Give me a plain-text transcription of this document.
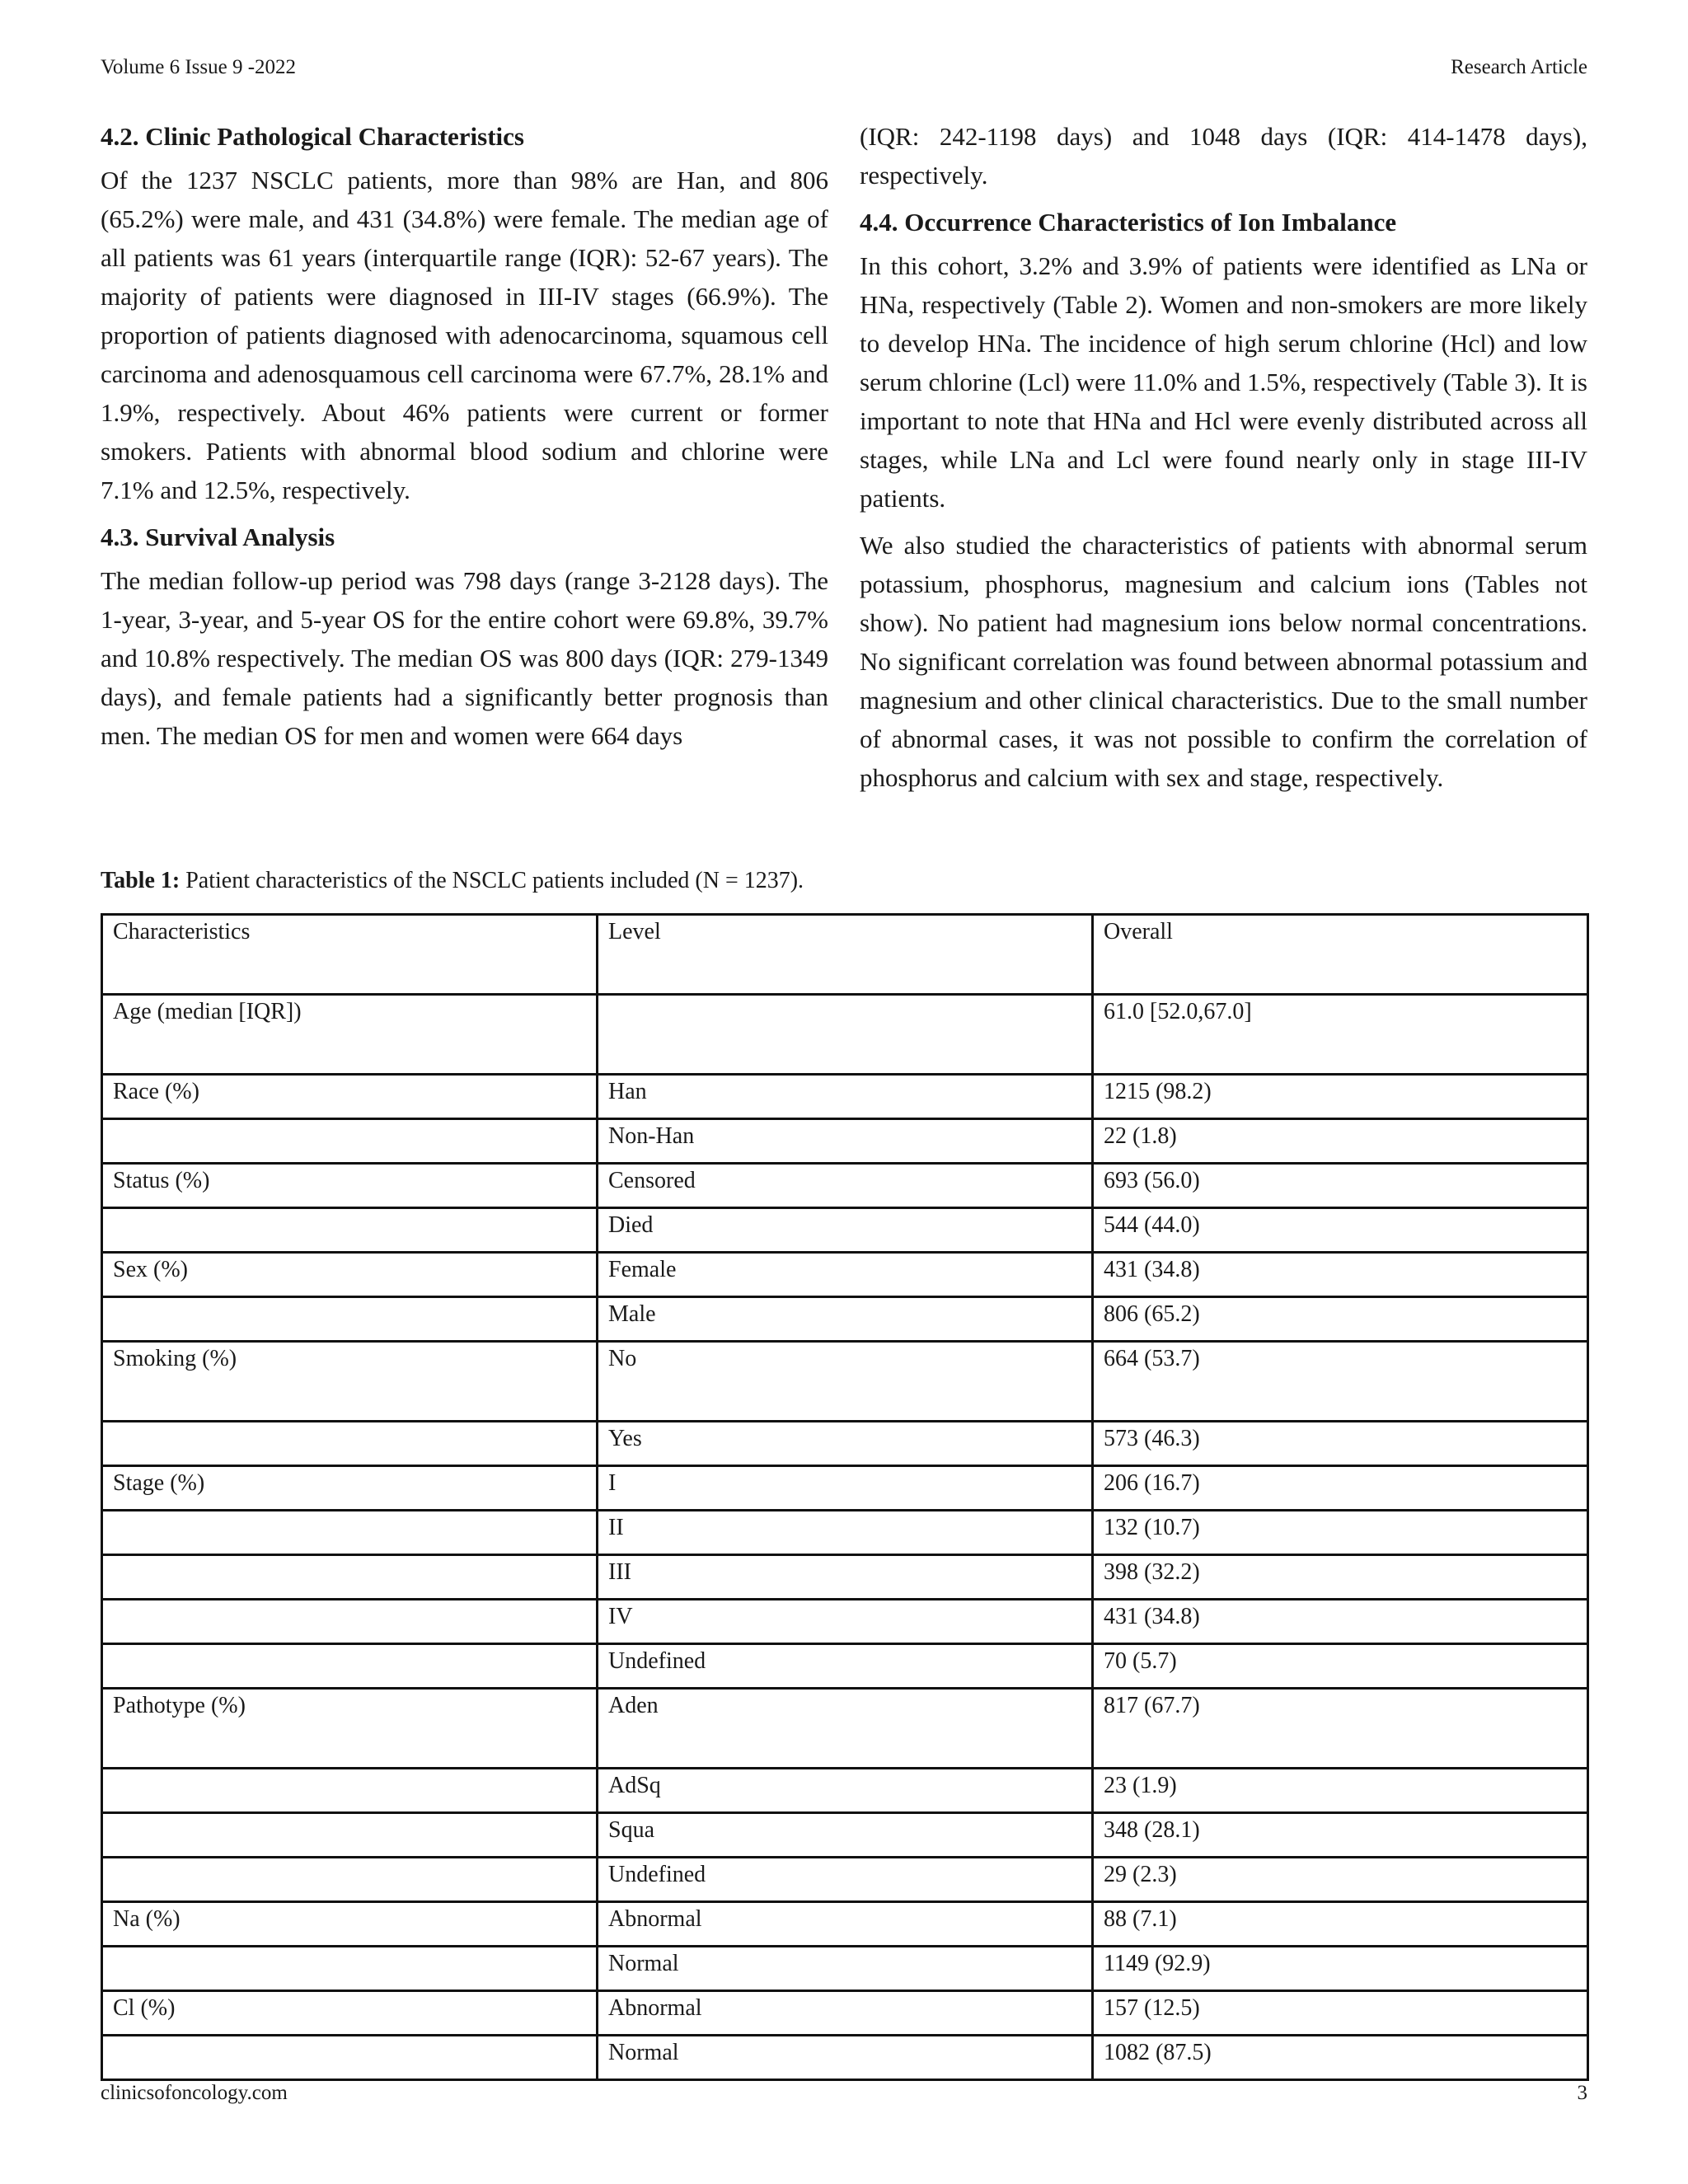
Volume 6 Issue 9 -2022	Research Article
4.2. Clinic Pathological Characteristics

Of the 1237 NSCLC patients, more than 98% are Han, and 806 (65.2%) were male, and 431 (34.8%) were female. The median age of all patients was 61 years (interquartile range (IQR): 52-67 years). The majority of patients were diagnosed in III-IV stages (66.9%). The proportion of patients diagnosed with adenocarcinoma, squamous cell carcinoma and adenosquamous cell carcinoma were 67.7%, 28.1% and 1.9%, respectively. About 46% patients were current or former smokers. Patients with abnormal blood sodium and chlorine were 7.1% and 12.5%, respectively.

4.3. Survival Analysis

The median follow-up period was 798 days (range 3-2128 days). The 1-year, 3-year, and 5-year OS for the entire cohort were 69.8%, 39.7% and 10.8% respectively. The median OS was 800 days (IQR: 279-1349 days), and female patients had a significantly better prognosis than men. The median OS for men and women were 664 days

(IQR: 242-1198 days) and 1048 days (IQR: 414-1478 days), respectively.

4.4. Occurrence Characteristics of Ion Imbalance

In this cohort, 3.2% and 3.9% of patients were identified as LNa or HNa, respectively (Table 2). Women and non-smokers are more likely to develop HNa. The incidence of high serum chlorine (Hcl) and low serum chlorine (Lcl) were 11.0% and 1.5%, respectively (Table 3). It is important to note that HNa and Hcl were evenly distributed across all stages, while LNa and Lcl were found nearly only in stage III-IV patients.

We also studied the characteristics of patients with abnormal serum potassium, phosphorus, magnesium and calcium ions (Tables not show). No patient had magnesium ions below normal concentrations. No significant correlation was found between abnormal potassium and magnesium and other clinical characteristics. Due to the small number of abnormal cases, it was not possible to confirm the correlation of phosphorus and calcium with sex and stage, respectively.

Table 1: Patient characteristics of the NSCLC patients included (N = 1237).
Characteristics	Level	Overall
Age (median [IQR])		61.0 [52.0,67.0]
Race (%)	Han	1215 (98.2)
	Non-Han	22 (1.8)
Status (%)	Censored	693 (56.0)
	Died	544 (44.0)
Sex (%)	Female	431 (34.8)
	Male	806 (65.2)
Smoking (%)	No	664 (53.7)
	Yes	573 (46.3)
Stage (%)	I	206 (16.7)
	II	132 (10.7)
	III	398 (32.2)
	IV	431 (34.8)
	Undefined	70 (5.7)
Pathotype (%)	Aden	817 (67.7)
	AdSq	23 (1.9)
	Squa	348 (28.1)
	Undefined	29 (2.3)
Na (%)	Abnormal	88 (7.1)
	Normal	1149 (92.9)
Cl (%)	Abnormal	157 (12.5)
	Normal	1082 (87.5)
clinicsofoncology.com	3
